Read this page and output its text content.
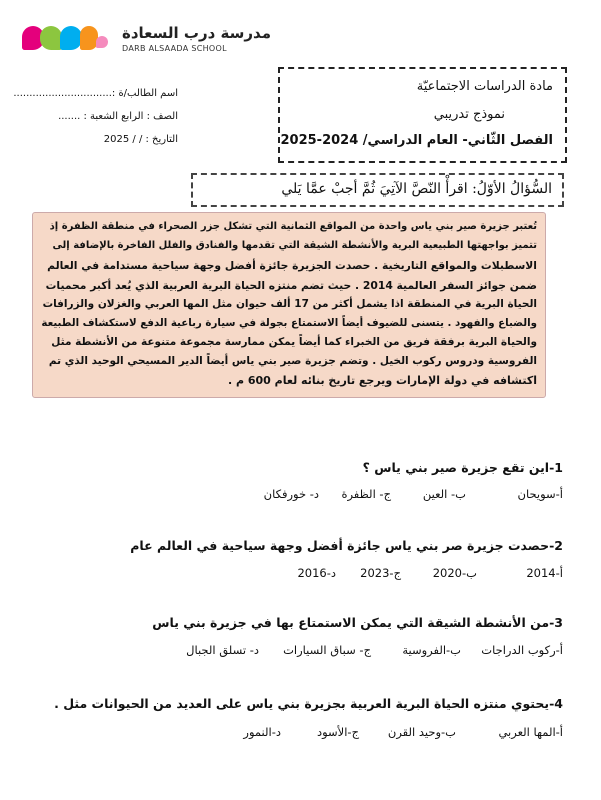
مدرسة درب السعادة
DARB ALSAADA SCHOOL
اسم الطالب/ة :...............................
الصف : الرابع الشعبة : .......
التاريخ : / / 2025
مادة الدراسات الاجتماعيّة
نموذج تدريبي
الفصل الثّاني- العام الدراسي/ 2024-2025
السُّؤالُ الأوّلُ: اقرأْ النّصَّ الآتِيَ ثُمَّ أجبْ عمَّا يَلي
تُعتبر جزيرة صير بني ياس واحدة من المواقع الثمانية التي تشكل جزر الصحراء في منطقة الظفرة إذ
تتميز بواجهتها الطبيعية البرية والأنشطة الشيقة التي تقدمها والفنادق والفلل الفاخرة بالإضافة إلى
الاسطبلات والمواقع التاريخية . حصدت الجزيرة جائزة أفضل وجهة سياحية مستدامة في العالم
ضمن جوائز السفر العالمية 2014 . حيث تضم منتزه الحياة البرية العربية الذي يُعد أكبر محميات
الحياة البرية في المنطقة اذا يشمل أكثر من 17 ألف حيوان مثل المها العربي والغزلان والزرافات
والضباع والفهود . يتسنى للضيوف أيضاً الاستمتاع بجولة في سيارة رباعية الدفع لاستكشاف الطبيعة
والحياة البرية برفقة فريق من الخبراء كما أيضاً يمكن ممارسة مجموعة متنوعة من الأنشطة مثل
الفروسية ودروس ركوب الخيل . وتضم جزيرة صير بني ياس أيضاً الدير المسيحي الوحيد الذي تم
اكتشافه في دولة الإمارات ويرجع تاريخ بنائه لعام 600 م .
1-اين تقع جزيرة صير بني ياس ؟
أ-سويحان
ب- العين
ج- الظفرة
د- خورفكان
2-حصدت جزيرة صر بني ياس جائزة أفضل وجهة سياحية في العالم عام
أ-2014
ب-2020
ج-2023
د-2016
3-من الأنشطة الشيقة التي يمكن الاستمتاع بها في جزيرة بني ياس
أ-ركوب الدراجات
ب-الفروسية
ج- سباق السيارات
د- تسلق الجبال
4-يحتوي منتزه الحياة البرية العربية بجزيرة بني ياس على العديد من الحيوانات مثل .
أ-المها العربي
ب-وحيد القرن
ج-الأسود
د-النمور
